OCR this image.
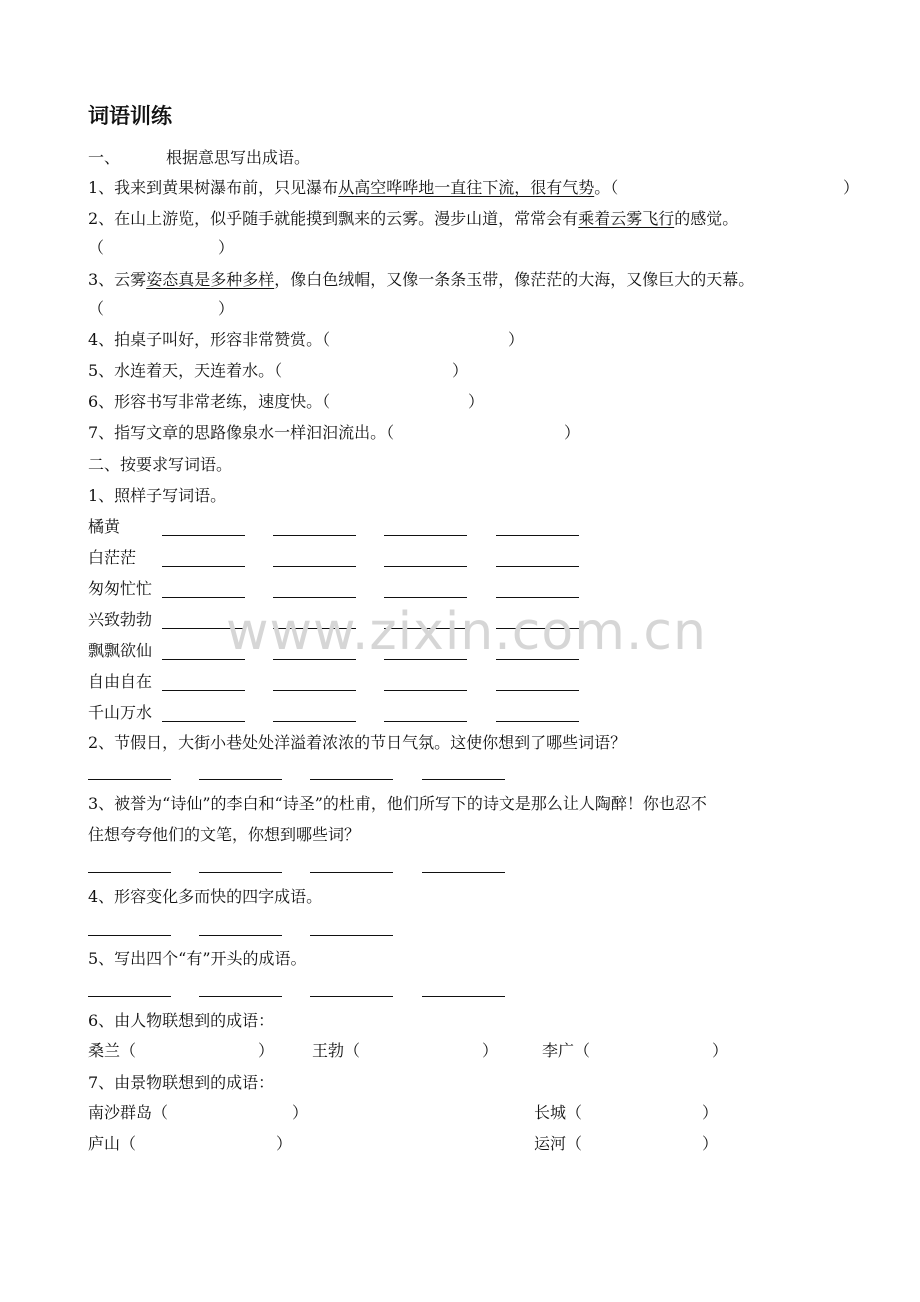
词语训练
一、	根据意思写出成语。
1、我来到黄果树瀑布前，只见瀑布从高空哗哗地一直往下流，很有气势。（	）
2、在山上游览，似乎随手就能摸到飘来的云雾。漫步山道，常常会有乘着云雾飞行的感觉。
（	）
3、云雾姿态真是多种多样，像白色绒帽，又像一条条玉带，像茫茫的大海，又像巨大的天幕。
（	）
4、拍桌子叫好，形容非常赞赏。（	）
5、水连着天，天连着水。（	）
6、形容书写非常老练，速度快。（	）
7、指写文章的思路像泉水一样汩汩流出。（	）
二、按要求写词语。
1、照样子写词语。
橘黄
白茫茫
匆匆忙忙
兴致勃勃
飘飘欲仙
自由自在
千山万水
2、节假日，大街小巷处处洋溢着浓浓的节日气氛。这使你想到了哪些词语？
3、被誉为“诗仙”的李白和“诗圣”的杜甫，他们所写下的诗文是那么让人陶醉！你也忍不
住想夸夸他们的文笔，你想到哪些词？
4、形容变化多而快的四字成语。
5、写出四个“有”开头的成语。
6、由人物联想到的成语：
桑兰（	） 王勃（	）	李广（	）
7、由景物联想到的成语：
南沙群岛（	）	长城（	）
庐山（	）	运河（	）
www.zixin.com.cn
